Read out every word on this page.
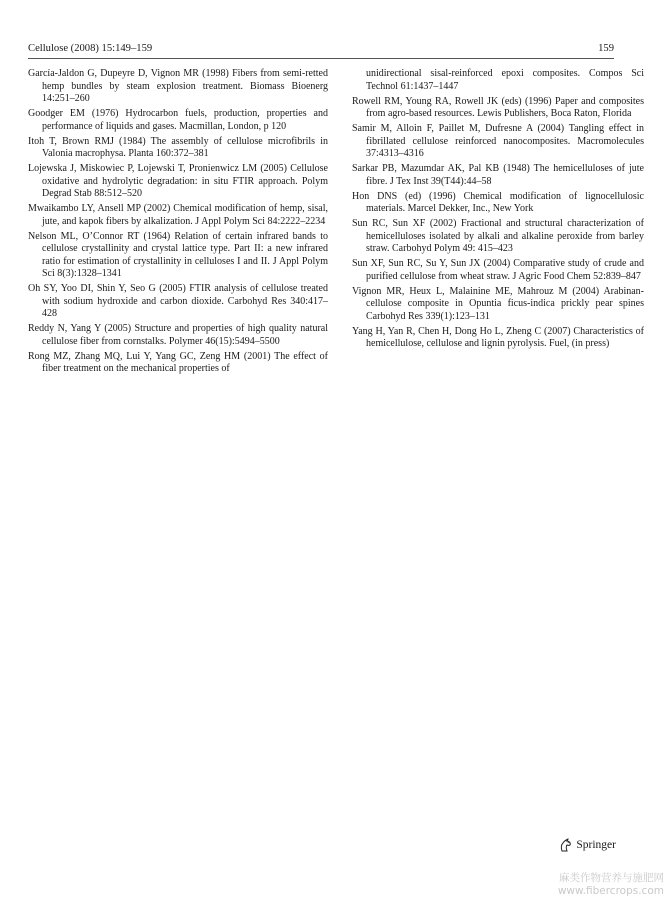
Cellulose (2008) 15:149–159	159

García-Jaldon G, Dupeyre D, Vignon MR (1998) Fibers from semi-retted hemp bundles by steam explosion treatment. Biomass Bioenerg 14:251–260

Goodger EM (1976) Hydrocarbon fuels, production, properties and performance of liquids and gases. Macmillan, London, p 120

Itoh T, Brown RMJ (1984) The assembly of cellulose microfibrils in Valonia macrophysa. Planta 160:372–381

Lojewska J, Miskowiec P, Lojewski T, Pronienwicz LM (2005) Cellulose oxidative and hydrolytic degradation: in situ FTIR approach. Polym Degrad Stab 88:512–520

Mwaikambo LY, Ansell MP (2002) Chemical modification of hemp, sisal, jute, and kapok fibers by alkalization. J Appl Polym Sci 84:2222–2234

Nelson ML, O’Connor RT (1964) Relation of certain infrared bands to cellulose crystallinity and crystal lattice type. Part II: a new infrared ratio for estimation of crystallinity in celluloses I and II. J Appl Polym Sci 8(3):1328–1341

Oh SY, Yoo DI, Shin Y, Seo G (2005) FTIR analysis of cellulose treated with sodium hydroxide and carbon dioxide. Carbohyd Res 340:417–428

Reddy N, Yang Y (2005) Structure and properties of high quality natural cellulose fiber from cornstalks. Polymer 46(15):5494–5500

Rong MZ, Zhang MQ, Lui Y, Yang GC, Zeng HM (2001) The effect of fiber treatment on the mechanical properties of

unidirectional sisal-reinforced epoxi composites. Compos Sci Technol 61:1437–1447

Rowell RM, Young RA, Rowell JK (eds) (1996) Paper and composites from agro-based resources. Lewis Publishers, Boca Raton, Florida

Samir M, Alloin F, Paillet M, Dufresne A (2004) Tangling effect in fibrillated cellulose reinforced nanocomposites. Macromolecules 37:4313–4316

Sarkar PB, Mazumdar AK, Pal KB (1948) The hemicelluloses of jute fibre. J Tex Inst 39(T44):44–58

Hon DNS (ed) (1996) Chemical modification of lignocellulosic materials. Marcel Dekker, Inc., New York

Sun RC, Sun XF (2002) Fractional and structural characterization of hemicelluloses isolated by alkali and alkaline peroxide from barley straw. Carbohyd Polym 49: 415–423

Sun XF, Sun RC, Su Y, Sun JX (2004) Comparative study of crude and purified cellulose from wheat straw. J Agric Food Chem 52:839–847

Vignon MR, Heux L, Malainine ME, Mahrouz M (2004) Arabinan-cellulose composite in Opuntia ficus-indica prickly pear spines Carbohyd Res 339(1):123–131

Yang H, Yan R, Chen H, Dong Ho L, Zheng C (2007) Characteristics of hemicellulose, cellulose and lignin pyrolysis. Fuel, (in press)

Springer
麻类作物营养与施肥网
www.fibercrops.com
